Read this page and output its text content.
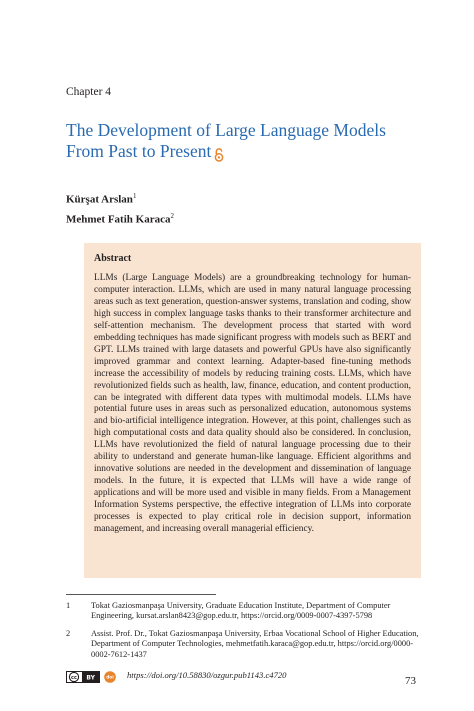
Chapter 4
The Development of Large Language Models From Past to Present
Kürşat Arslan$^1$
Mehmet Fatih Karaca$^2$
Abstract

LLMs (Large Language Models) are a groundbreaking technology for human-computer interaction. LLMs, which are used in many natural language processing areas such as text generation, question-answer systems, translation and coding, show high success in complex language tasks thanks to their transformer architecture and self-attention mechanism. The development process that started with word embedding techniques has made significant progress with models such as BERT and GPT. LLMs trained with large datasets and powerful GPUs have also significantly improved grammar and context learning. Adapter-based fine-tuning methods increase the accessibility of models by reducing training costs. LLMs, which have revolutionized fields such as health, law, finance, education, and content production, can be integrated with different data types with multimodal models. LLMs have potential future uses in areas such as personalized education, autonomous systems and bio-artificial intelligence integration. However, at this point, challenges such as high computational costs and data quality should also be considered. In conclusion, LLMs have revolutionized the field of natural language processing due to their ability to understand and generate human-like language. Efficient algorithms and innovative solutions are needed in the development and dissemination of language models. In the future, it is expected that LLMs will have a wide range of applications and will be more used and visible in many fields. From a Management Information Systems perspective, the effective integration of LLMs into corporate processes is expected to play critical role in decision support, information management, and increasing overall managerial efficiency.

1 Tokat Gaziosmanpaşa University, Graduate Education Institute, Department of Computer Engineering, kursat.arslan8423@gop.edu.tr, https://orcid.org/0009-0007-4397-5798
2 Assist. Prof. Dr., Tokat Gaziosmanpaşa University, Erbaa Vocational School of Higher Education, Department of Computer Technologies, mehmetfatih.karaca@gop.edu.tr, https://orcid.org/0000-0002-7612-1437
cc BY	doi https://doi.org/10.58830/ozgur.pub1143.c4720	73
